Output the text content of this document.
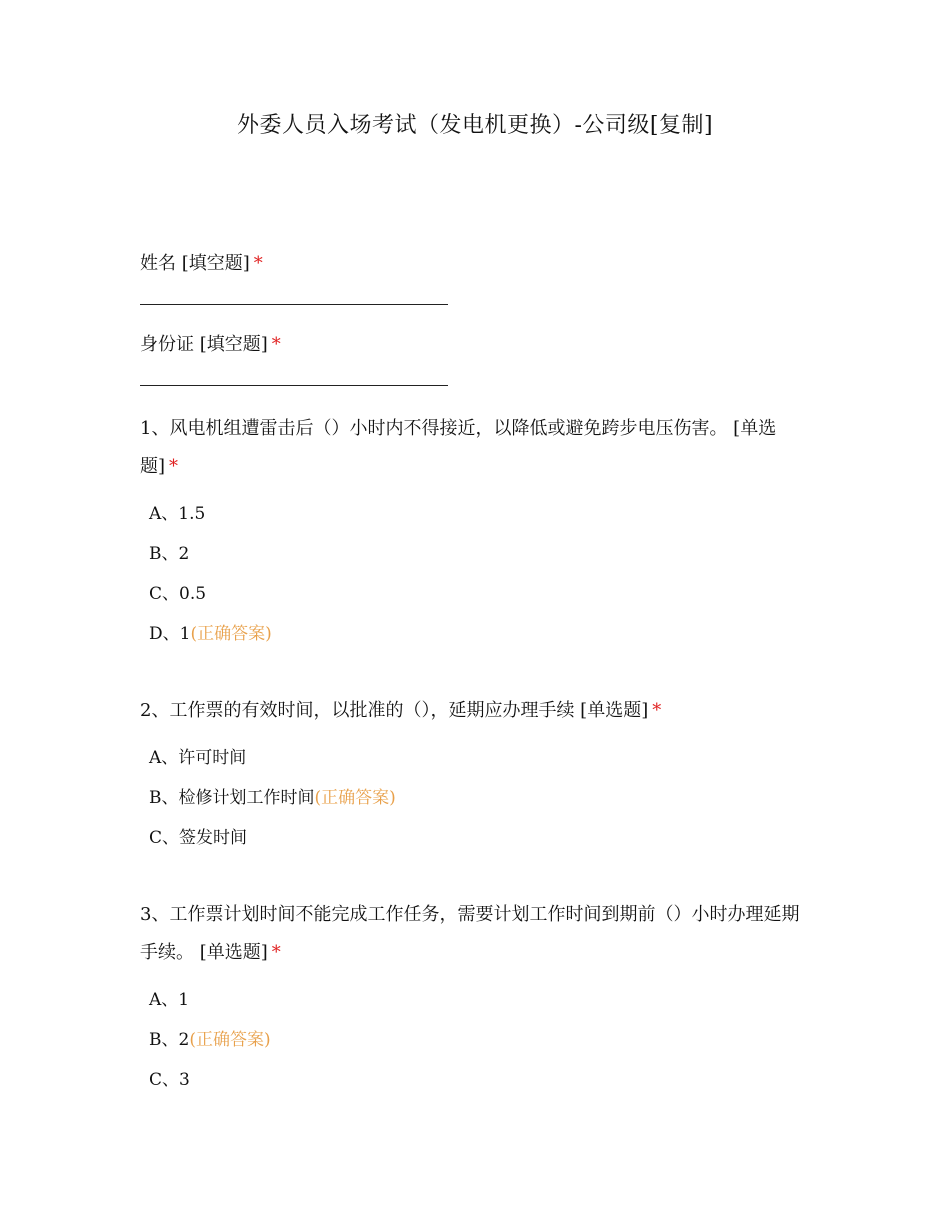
外委人员入场考试（发电机更换）-公司级[复制]
姓名 [填空题] *
身份证 [填空题] *
1、风电机组遭雷击后（）小时内不得接近，以降低或避免跨步电压伤害。 [单选题] *
A、1.5
B、2
C、0.5
D、1(正确答案)
2、工作票的有效时间，以批准的（），延期应办理手续 [单选题] *
A、许可时间
B、检修计划工作时间(正确答案)
C、签发时间
3、工作票计划时间不能完成工作任务，需要计划工作时间到期前（）小时办理延期手续。 [单选题] *
A、1
B、2(正确答案)
C、3
